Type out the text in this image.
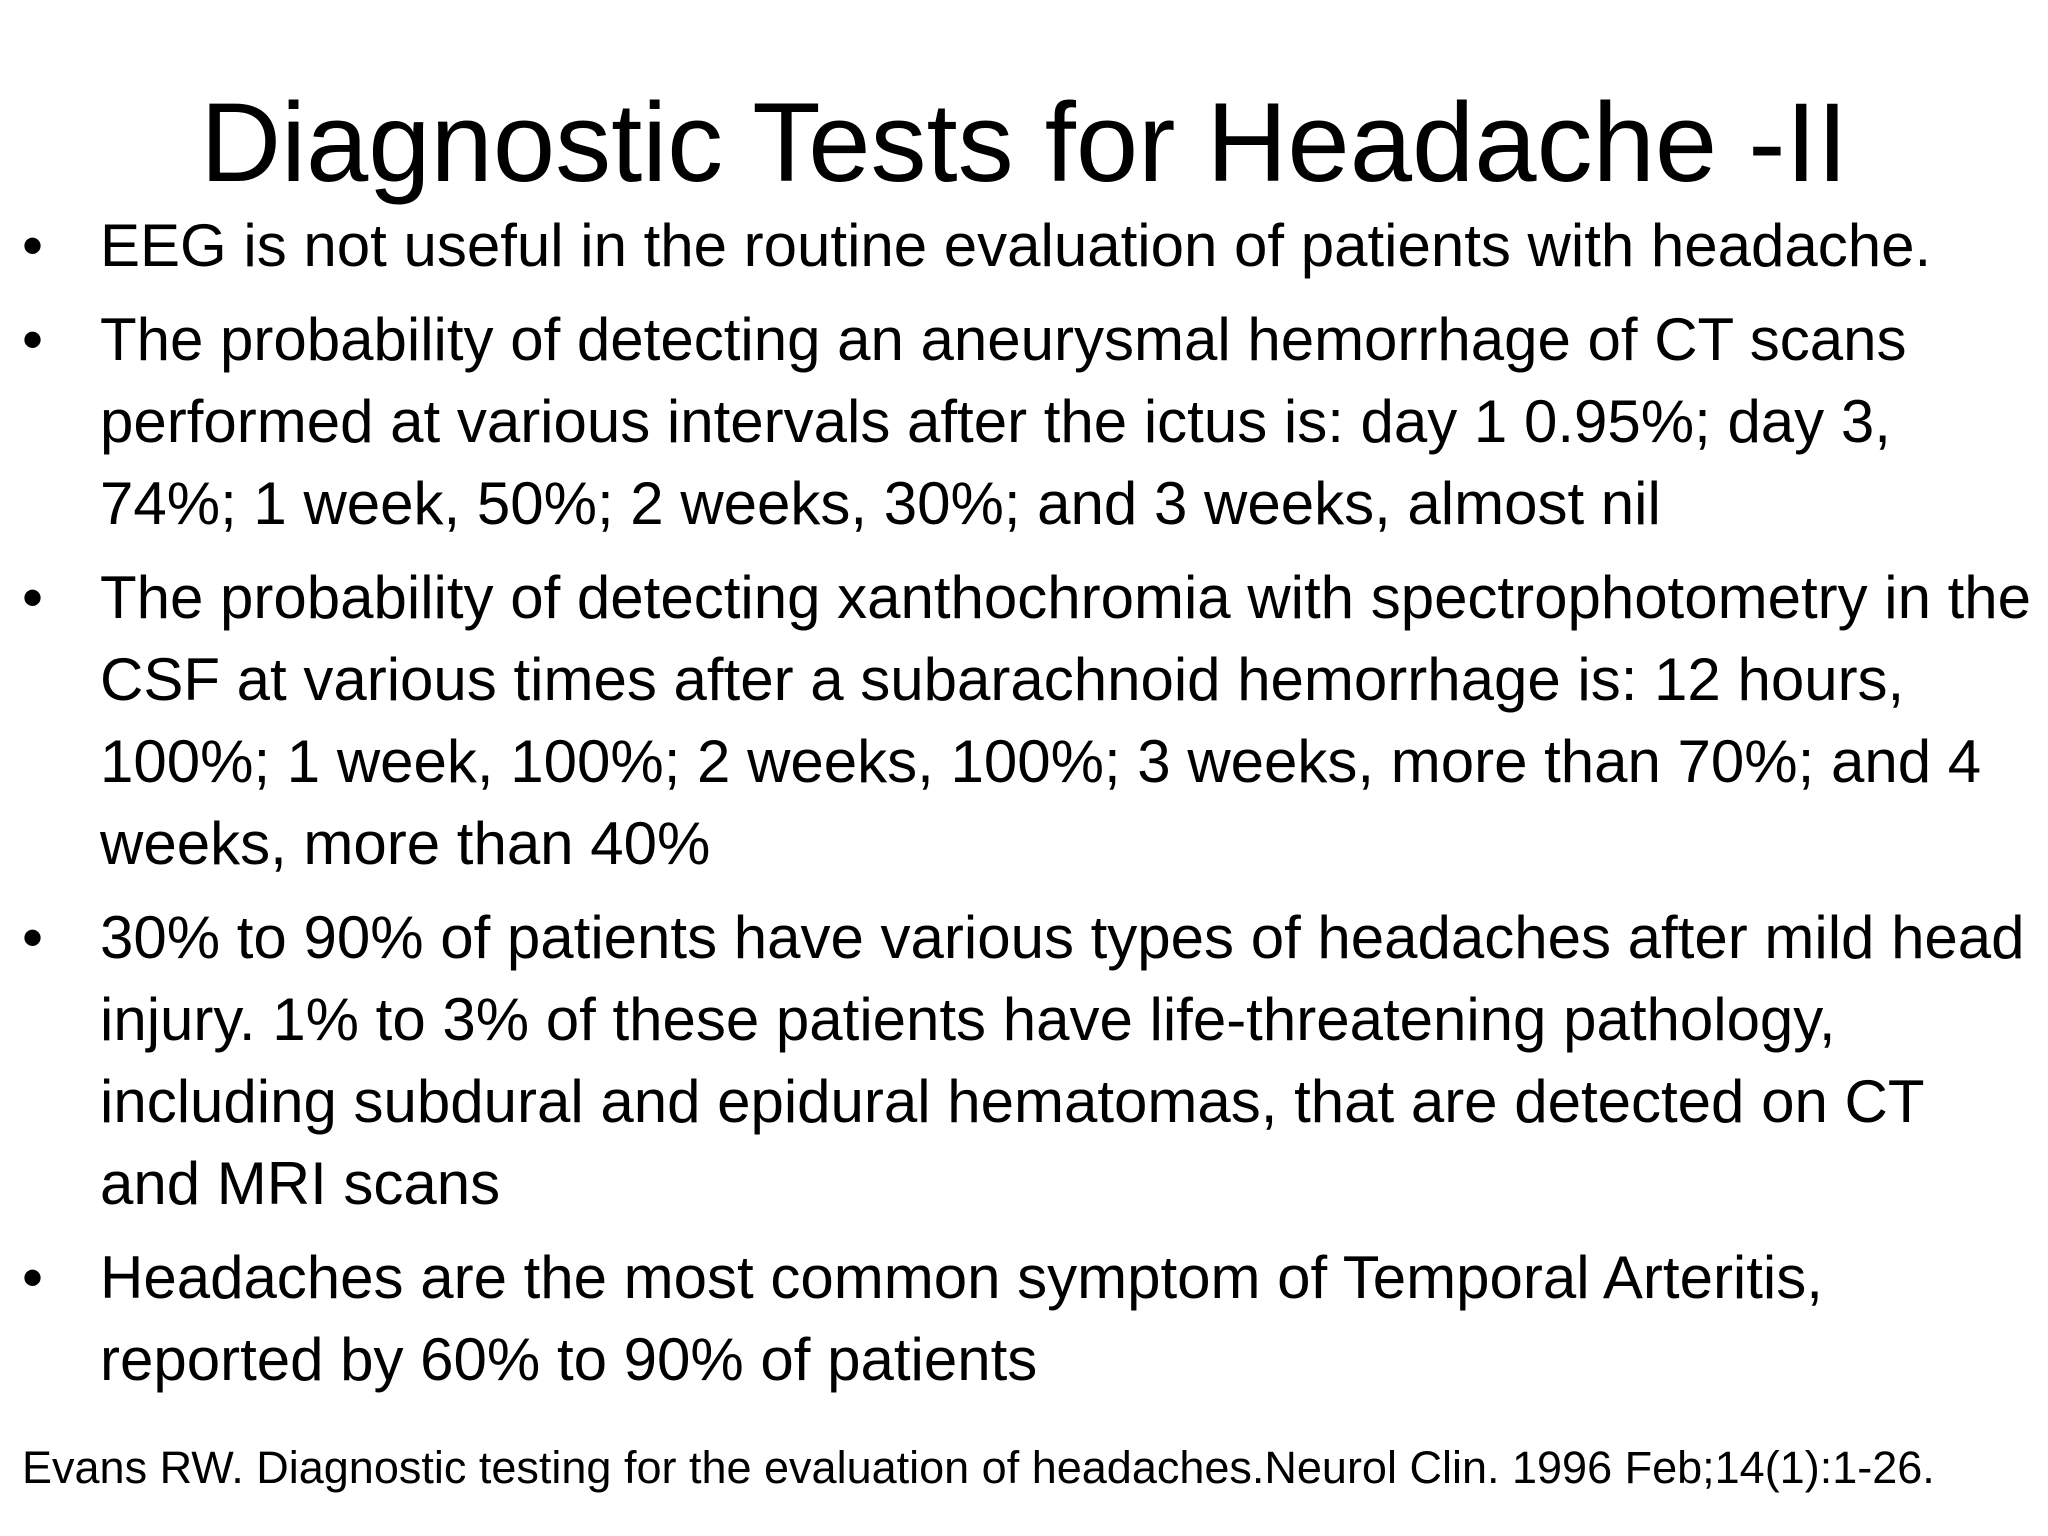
Diagnostic Tests for Headache -II
• EEG is not useful in the routine evaluation of patients with headache.
• The probability of detecting an aneurysmal hemorrhage of CT scans performed at various intervals after the ictus is: day 1 0.95%; day 3, 74%; 1 week, 50%; 2 weeks, 30%; and 3 weeks, almost nil
• The probability of detecting xanthochromia with spectrophotometry in the CSF at various times after a subarachnoid hemorrhage is: 12 hours, 100%; 1 week, 100%; 2 weeks, 100%; 3 weeks, more than 70%; and 4 weeks, more than 40%
• 30% to 90% of patients have various types of headaches after mild head injury. 1% to 3% of these patients have life-threatening pathology, including subdural and epidural hematomas, that are detected on CT and MRI scans
• Headaches are the most common symptom of Temporal Arteritis, reported by 60% to 90% of patients
Evans RW. Diagnostic testing for the evaluation of headaches.Neurol Clin. 1996 Feb;14(1):1-26.
